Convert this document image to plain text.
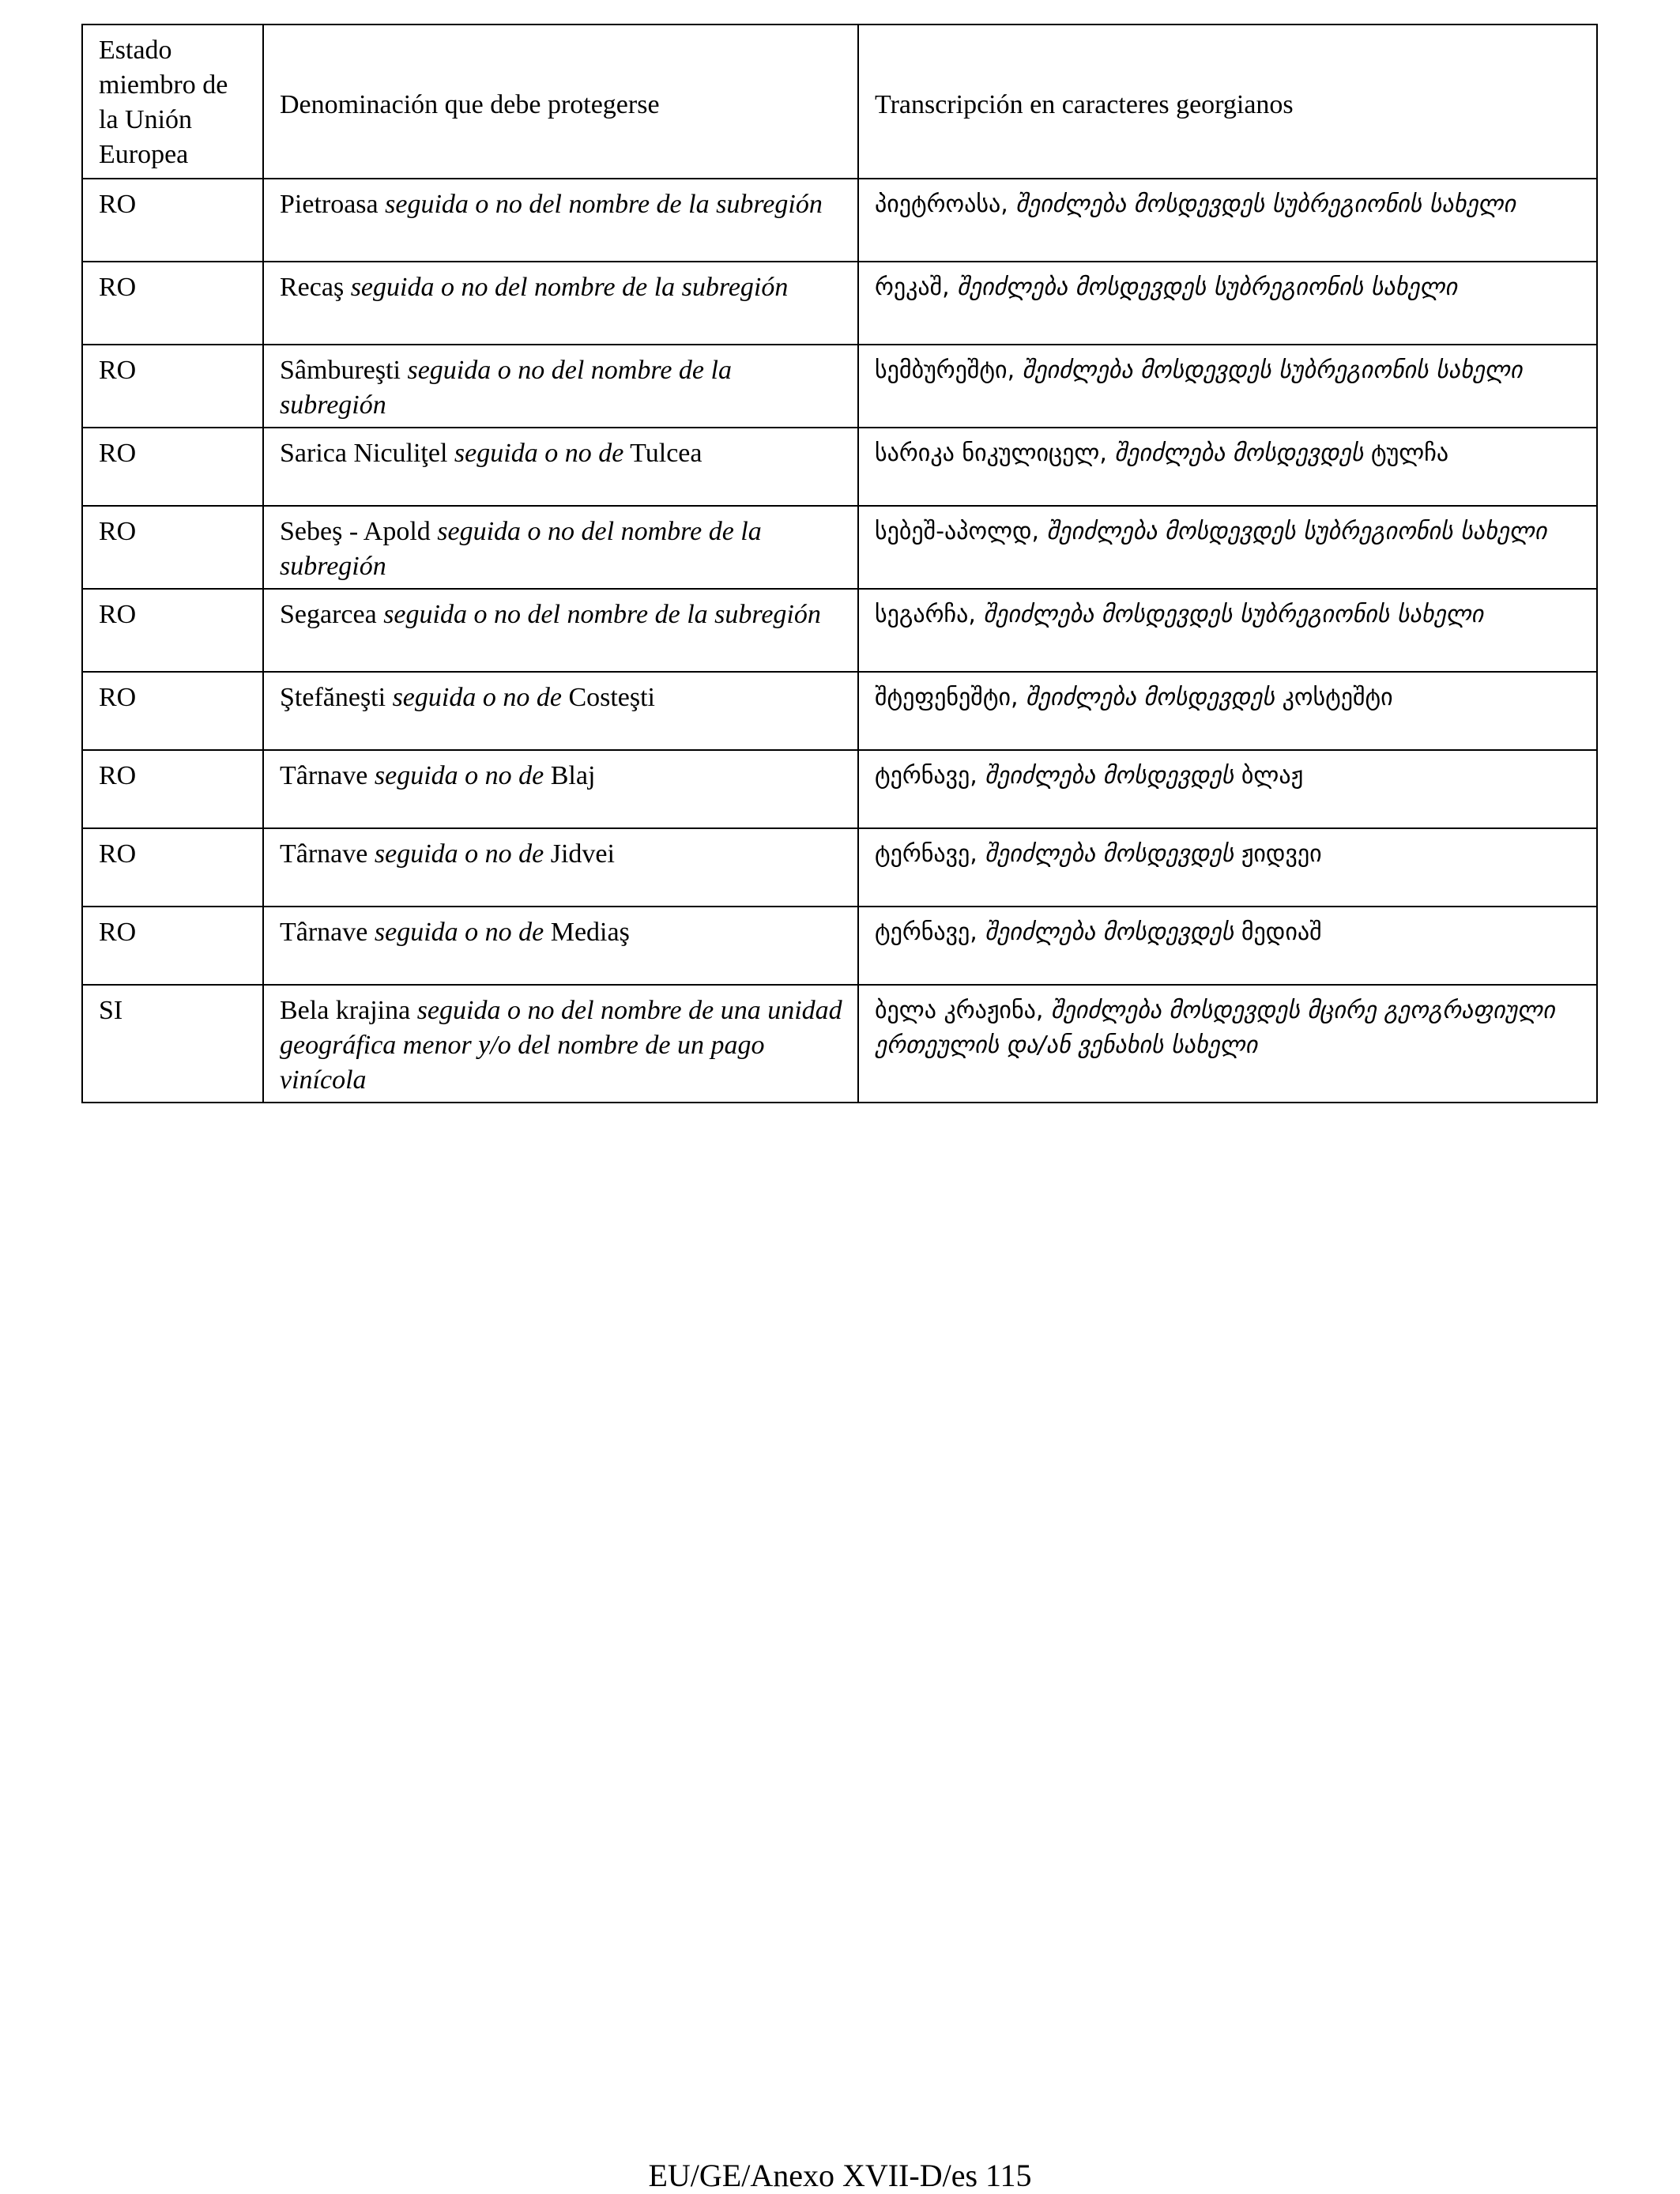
Estado miembro de la Unión Europea	Denominación que debe protegerse	Transcripción en caracteres georgianos
RO	Pietroasa seguida o no del nombre de la subregión	პიეტროასა, შეიძლება მოსდევდეს სუბრეგიონის სახელი
RO	Recaş seguida o no del nombre de la subregión	რეკაშ, შეიძლება მოსდევდეს სუბრეგიონის სახელი
RO	Sâmbureşti seguida o no del nombre de la subregión	სემბურეშტი, შეიძლება მოსდევდეს სუბრეგიონის სახელი
RO	Sarica Niculiţel seguida o no de Tulcea	სარიკა ნიკულიცელ, შეიძლება მოსდევდეს ტულჩა
RO	Sebeş - Apold seguida o no del nombre de la subregión	სებეშ-აპოლდ, შეიძლება მოსდევდეს სუბრეგიონის სახელი
RO	Segarcea seguida o no del nombre de la subregión	სეგარჩა, შეიძლება მოსდევდეს სუბრეგიონის სახელი
RO	Ştefăneşti seguida o no de Costeşti	შტეფენეშტი, შეიძლება მოსდევდეს კოსტეშტი
RO	Târnave seguida o no de Blaj	ტერნავე, შეიძლება მოსდევდეს ბლაჟ
RO	Târnave seguida o no de Jidvei	ტერნავე, შეიძლება მოსდევდეს ჟიდვეი
RO	Târnave seguida o no de Mediaş	ტერნავე, შეიძლება მოსდევდეს მედიაშ
SI	Bela krajina seguida o no del nombre de una unidad geográfica menor y/o del nombre de un pago vinícola	ბელა კრაჟინა, შეიძლება მოსდევდეს მცირე გეოგრაფიული ერთეულის და/ან ვენახის სახელი
EU/GE/Anexo XVII-D/es 115
